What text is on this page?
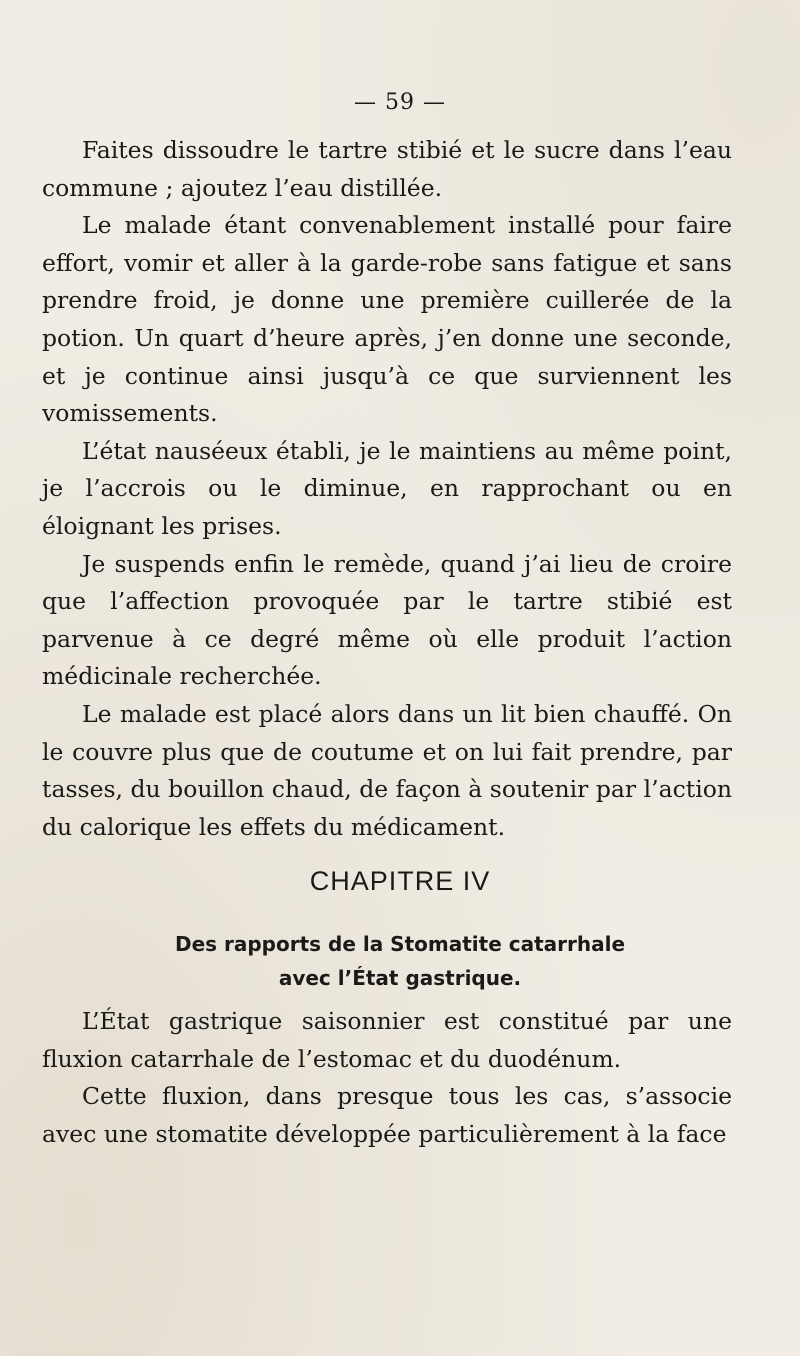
— 59 —

Faites dissoudre le tartre stibié et le sucre dans l’eau commune ; ajoutez l’eau distillée.

Le malade étant convenablement installé pour faire effort, vomir et aller à la garde-robe sans fatigue et sans prendre froid, je donne une première cuillerée de la potion. Un quart d’heure après, j’en donne une seconde, et je continue ainsi jusqu’à ce que surviennent les vomissements.

L’état nauséeux établi, je le maintiens au même point, je l’accrois ou le diminue, en rapprochant ou en éloignant les prises.

Je suspends enfin le remède, quand j’ai lieu de croire que l’affection provoquée par le tartre stibié est parvenue à ce degré même où elle produit l’action médicinale recherchée.

Le malade est placé alors dans un lit bien chauffé. On le couvre plus que de coutume et on lui fait prendre, par tasses, du bouillon chaud, de façon à soutenir par l’action du calorique les effets du médicament.

CHAPITRE IV
Des rapports de la Stomatite catarrhale
avec l’État gastrique.

L’État gastrique saisonnier est constitué par une fluxion catarrhale de l’estomac et du duodénum.

Cette fluxion, dans presque tous les cas, s’associe avec une stomatite développée particulièrement à la face
